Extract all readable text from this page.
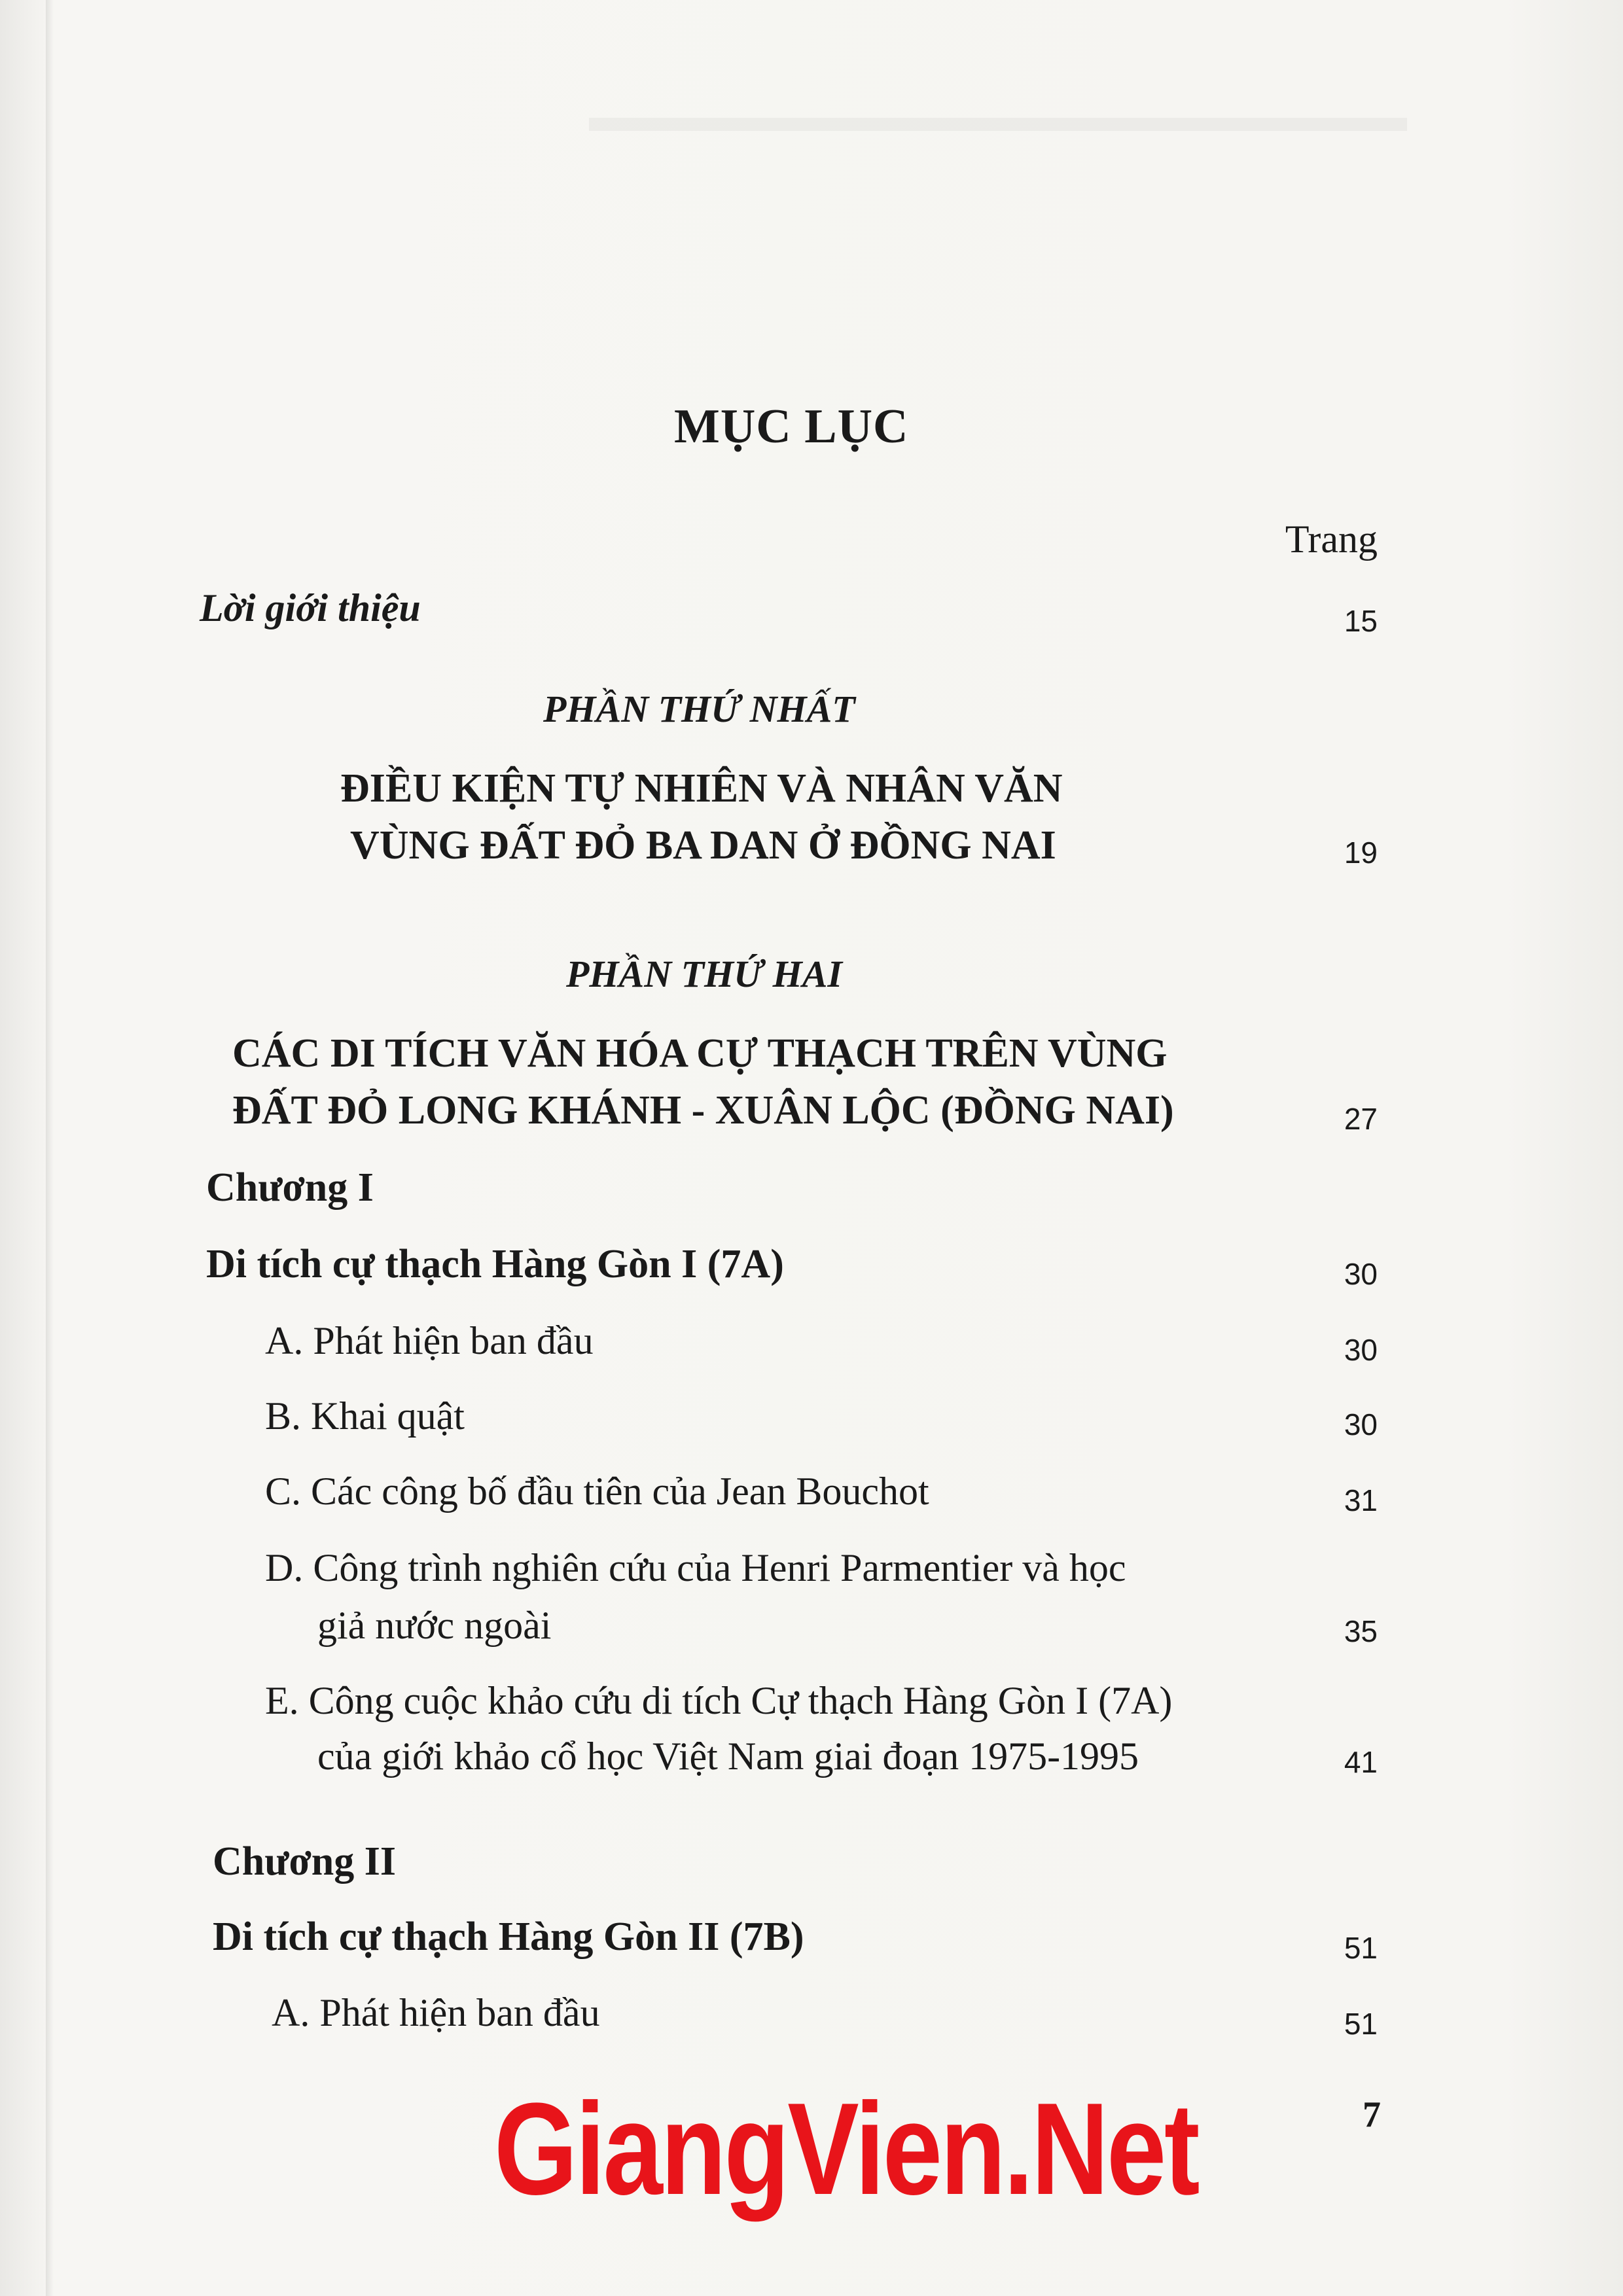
MỤC LỤC
Trang
Lời giới thiệu	15
PHẦN THỨ NHẤT
ĐIỀU KIỆN TỰ NHIÊN VÀ NHÂN VĂN
VÙNG ĐẤT ĐỎ BA DAN Ở ĐỒNG NAI	19
PHẦN THỨ HAI
CÁC DI TÍCH VĂN HÓA CỰ THẠCH TRÊN VÙNG
ĐẤT ĐỎ LONG KHÁNH - XUÂN LỘC (ĐỒNG NAI)	27
Chương I
Di tích cự thạch Hàng Gòn I (7A)	30
A. Phát hiện ban đầu	30
B. Khai quật	30
C. Các công bố đầu tiên của Jean Bouchot	31
D. Công trình nghiên cứu của Henri Parmentier và học
giả nước ngoài	35
E. Công cuộc khảo cứu di tích Cự thạch Hàng Gòn I (7A)
của giới khảo cổ học Việt Nam giai đoạn 1975-1995	41
Chương II
Di tích cự thạch Hàng Gòn II (7B)	51
A. Phát hiện ban đầu	51
GiangVien.Net	7
